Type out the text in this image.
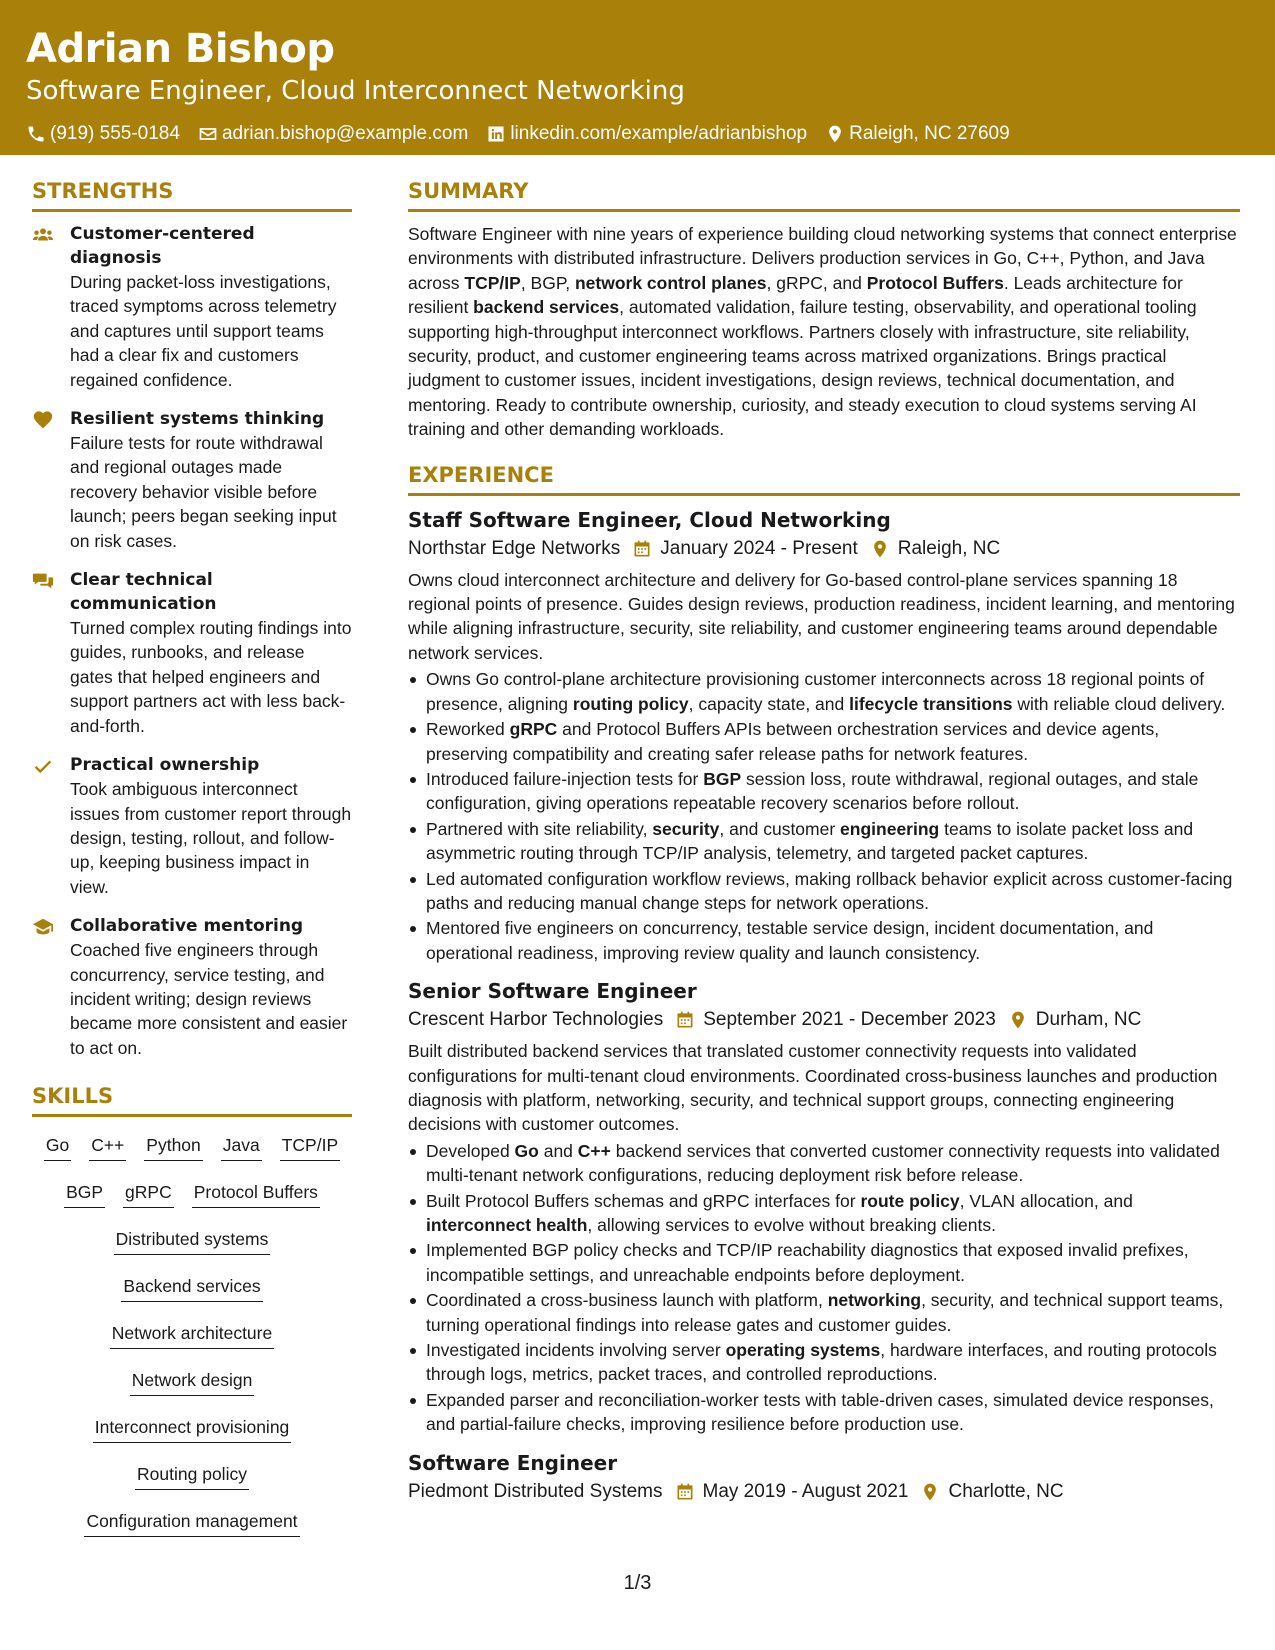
Adrian Bishop
Software Engineer, Cloud Interconnect Networking
(919) 555-0184 adrian.bishop@example.com linkedin.com/example/adrianbishop Raleigh, NC 27609
STRENGTHS
Customer-centered diagnosis
During packet-loss investigations, traced symptoms across telemetry and captures until support teams had a clear fix and customers regained confidence.
Resilient systems thinking
Failure tests for route withdrawal and regional outages made recovery behavior visible before launch; peers began seeking input on risk cases.
Clear technical communication
Turned complex routing findings into guides, runbooks, and release gates that helped engineers and support partners act with less back-and-forth.
Practical ownership
Took ambiguous interconnect issues from customer report through design, testing, rollout, and follow-up, keeping business impact in view.
Collaborative mentoring
Coached five engineers through concurrency, service testing, and incident writing; design reviews became more consistent and easier to act on.
SKILLS
Go C++ Python Java TCP/IP
BGP gRPC Protocol Buffers
Distributed systems
Backend services
Network architecture
Network design
Interconnect provisioning
Routing policy
Configuration management
SUMMARY
Software Engineer with nine years of experience building cloud networking systems that connect enterprise environments with distributed infrastructure. Delivers production services in Go, C++, Python, and Java across TCP/IP, BGP, network control planes, gRPC, and Protocol Buffers. Leads architecture for resilient backend services, automated validation, failure testing, observability, and operational tooling supporting high-throughput interconnect workflows. Partners closely with infrastructure, site reliability, security, product, and customer engineering teams across matrixed organizations. Brings practical judgment to customer issues, incident investigations, design reviews, technical documentation, and mentoring. Ready to contribute ownership, curiosity, and steady execution to cloud systems serving AI training and other demanding workloads.
EXPERIENCE
Staff Software Engineer, Cloud Networking
Northstar Edge Networks January 2024 - Present Raleigh, NC
Owns cloud interconnect architecture and delivery for Go-based control-plane services spanning 18 regional points of presence. Guides design reviews, production readiness, incident learning, and mentoring while aligning infrastructure, security, site reliability, and customer engineering teams around dependable network services.
Owns Go control-plane architecture provisioning customer interconnects across 18 regional points of presence, aligning routing policy, capacity state, and lifecycle transitions with reliable cloud delivery.
Reworked gRPC and Protocol Buffers APIs between orchestration services and device agents, preserving compatibility and creating safer release paths for network features.
Introduced failure-injection tests for BGP session loss, route withdrawal, regional outages, and stale configuration, giving operations repeatable recovery scenarios before rollout.
Partnered with site reliability, security, and customer engineering teams to isolate packet loss and asymmetric routing through TCP/IP analysis, telemetry, and targeted packet captures.
Led automated configuration workflow reviews, making rollback behavior explicit across customer-facing paths and reducing manual change steps for network operations.
Mentored five engineers on concurrency, testable service design, incident documentation, and operational readiness, improving review quality and launch consistency.
Senior Software Engineer
Crescent Harbor Technologies September 2021 - December 2023 Durham, NC
Built distributed backend services that translated customer connectivity requests into validated configurations for multi-tenant cloud environments. Coordinated cross-business launches and production diagnosis with platform, networking, security, and technical support groups, connecting engineering decisions with customer outcomes.
Developed Go and C++ backend services that converted customer connectivity requests into validated multi-tenant network configurations, reducing deployment risk before release.
Built Protocol Buffers schemas and gRPC interfaces for route policy, VLAN allocation, and interconnect health, allowing services to evolve without breaking clients.
Implemented BGP policy checks and TCP/IP reachability diagnostics that exposed invalid prefixes, incompatible settings, and unreachable endpoints before deployment.
Coordinated a cross-business launch with platform, networking, security, and technical support teams, turning operational findings into release gates and customer guides.
Investigated incidents involving server operating systems, hardware interfaces, and routing protocols through logs, metrics, packet traces, and controlled reproductions.
Expanded parser and reconciliation-worker tests with table-driven cases, simulated device responses, and partial-failure checks, improving resilience before production use.
Software Engineer
Piedmont Distributed Systems May 2019 - August 2021 Charlotte, NC
1/3
